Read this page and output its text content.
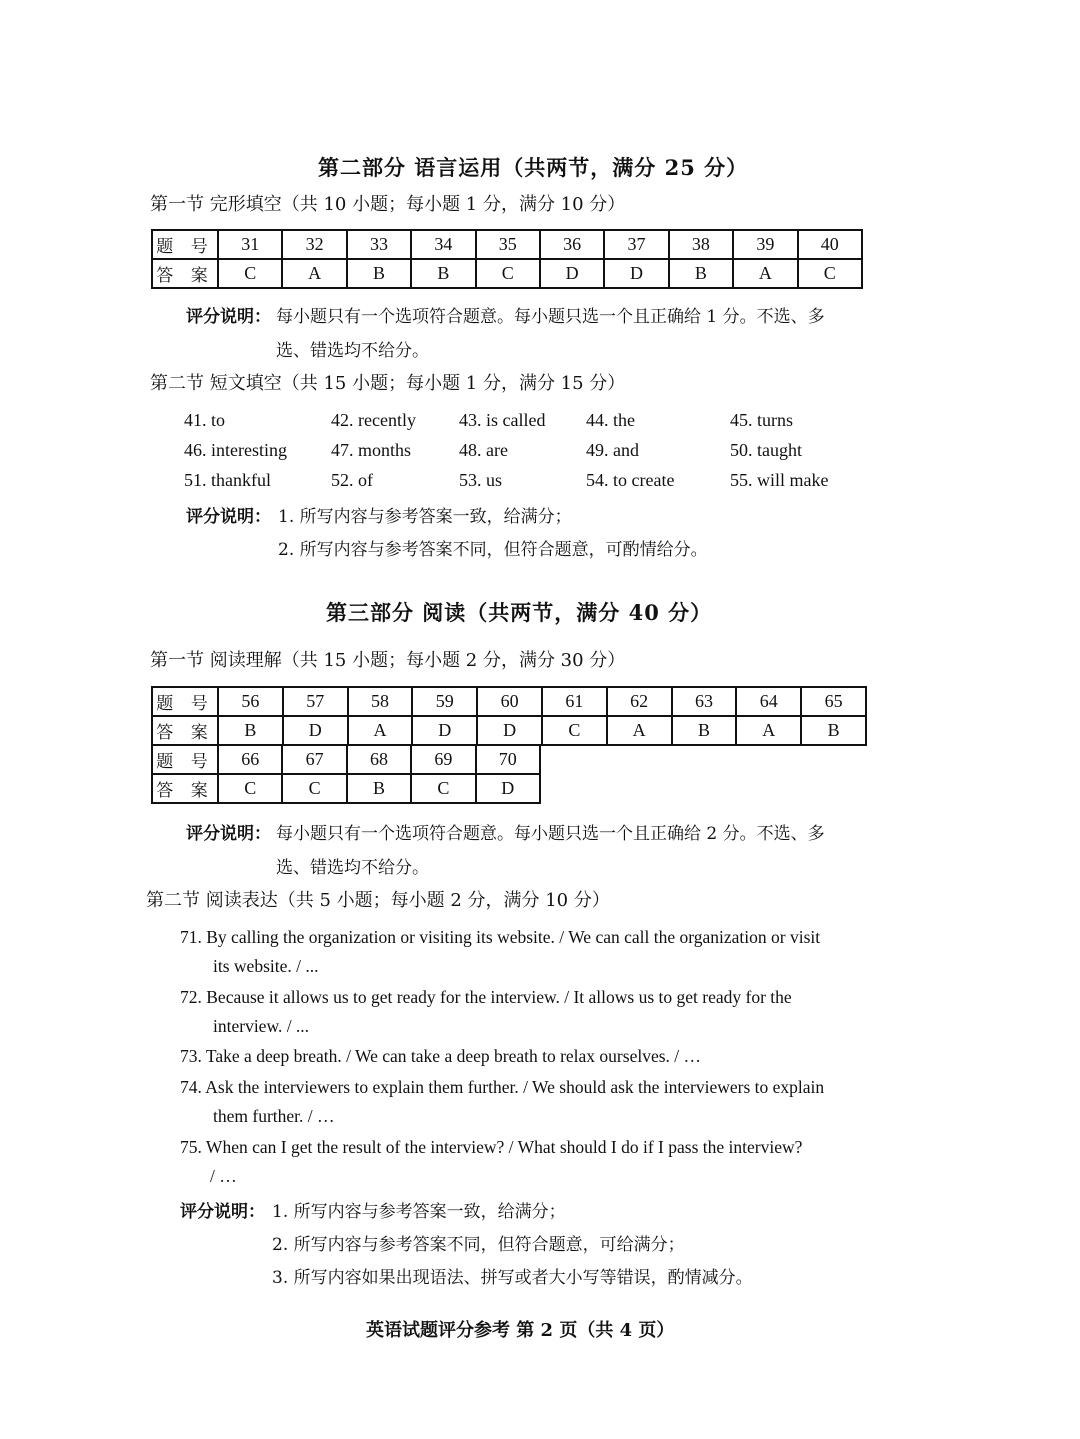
第二部分 语言运用（共两节，满分 25 分）
第一节 完形填空（共 10 小题；每小题 1 分，满分 10 分）
题 号	31	32	33	34	35	36	37	38	39	40
答 案	C	A	B	B	C	D	D	B	A	C
评分说明： 每小题只有一个选项符合题意。每小题只选一个且正确给 1 分。不选、多
选、错选均不给分。
第二节 短文填空（共 15 小题；每小题 1 分，满分 15 分）
41. to	42. recently 43. is called 44. the	45. turns
46. interesting 47. months	48. are	49. and	50. taught
51. thankful	52. of	53. us	54. to create	55. will make
评分说明： 1. 所写内容与参考答案一致，给满分；
2. 所写内容与参考答案不同，但符合题意，可酌情给分。
第三部分 阅读（共两节，满分 40 分）
第一节 阅读理解（共 15 小题；每小题 2 分，满分 30 分）
题 号	56	57	58	59	60	61	62	63	64	65
答 案	B	D	A	D	D	C	A	B	A	B
题 号	66	67	68	69	70
答 案	C	C	B	C	D
评分说明： 每小题只有一个选项符合题意。每小题只选一个且正确给 2 分。不选、多
选、错选均不给分。
第二节 阅读表达（共 5 小题；每小题 2 分，满分 10 分）
71. By calling the organization or visiting its website. / We can call the organization or visit
its website. / ...
72. Because it allows us to get ready for the interview. / It allows us to get ready for the
interview. / ...
73. Take a deep breath. / We can take a deep breath to relax ourselves. / …
74. Ask the interviewers to explain them further. / We should ask the interviewers to explain
them further. / …
75. When can I get the result of the interview? / What should I do if I pass the interview?
/ …
评分说明： 1. 所写内容与参考答案一致，给满分；
2. 所写内容与参考答案不同，但符合题意，可给满分；
3. 所写内容如果出现语法、拼写或者大小写等错误，酌情减分。
英语试题评分参考 第 2 页（共 4 页）
